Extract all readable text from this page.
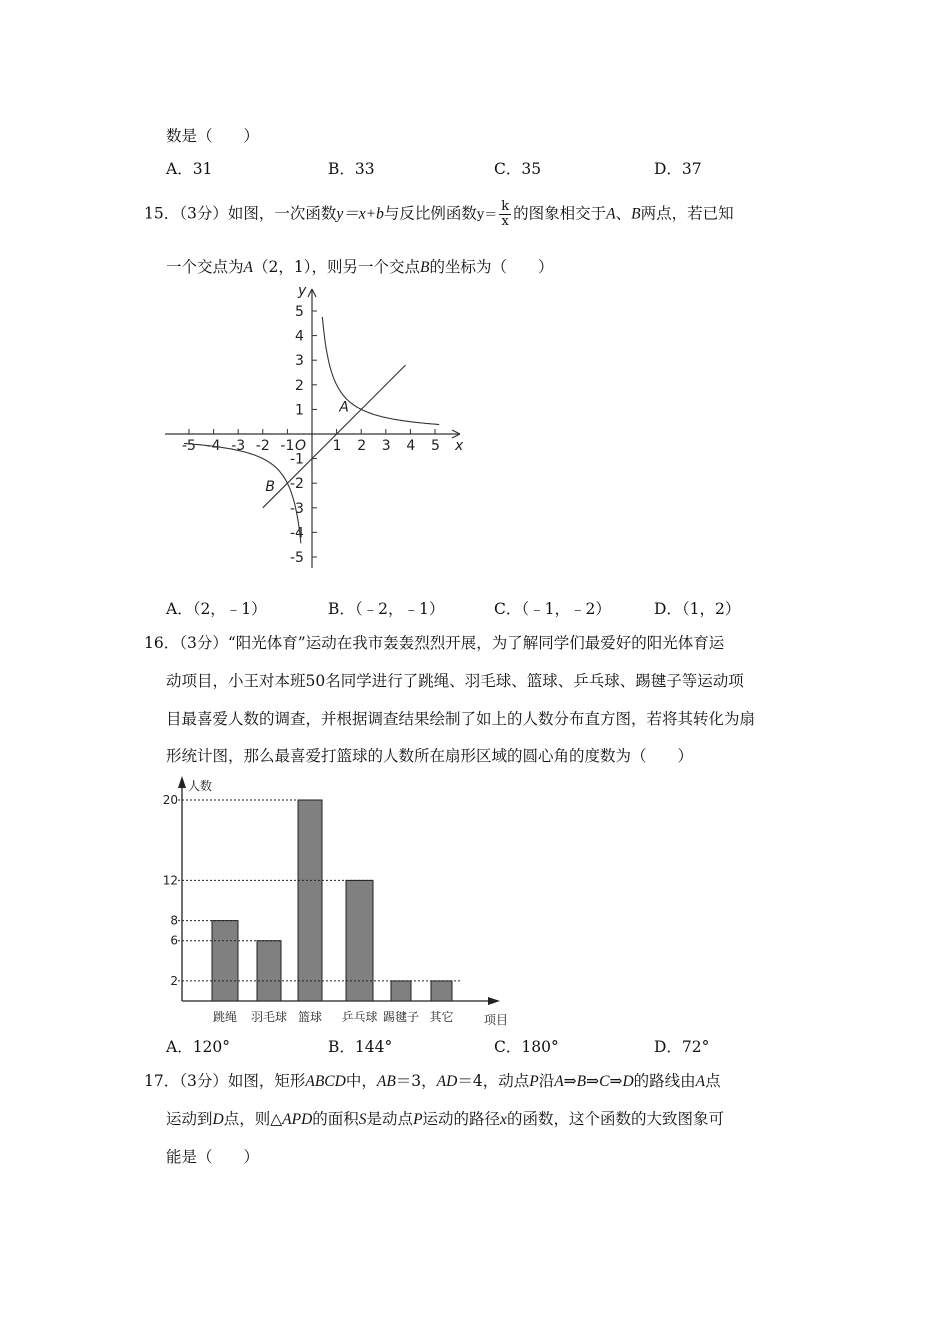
数是（　　）
A．31	B．33	C．35	D．37
15．（3分）如图，一次函数y＝x+b与反比例函数$y= \frac{k}{x}$ 的图象相交于A、B两点，若已知
一个交点为A（2，1），则另一个交点B的坐标为（　　）
x
y
O
-5 -4 -3 -2 -1	1 2 3 4 5
5
4
3
2
1
-1
-2
-3
-4
-5
A
B
A．（2，﹣1）	B．（﹣2，﹣1）	C．（﹣1，﹣2）	D．（1，2）
16．（3分）“阳光体育”运动在我市轰轰烈烈开展，为了解同学们最爱好的阳光体育运
动项目，小王对本班50名同学进行了跳绳、羽毛球、篮球、乒乓球、踢毽子等运动项
目最喜爱人数的调查，并根据调查结果绘制了如上的人数分布直方图，若将其转化为扇
形统计图，那么最喜爱打篮球的人数所在扇形区域的圆心角的度数为（　　）
人数
项目
跳绳 羽毛球 篮球 乒乓球 踢毽子 其它
20
12
8
6
2
A．120°	B．144°	C．180°	D．72°
17．（3分）如图，矩形ABCD中，AB＝3，AD＝4，动点P沿A⇒B⇒C⇒D的路线由A点
运动到D点，则△APD的面积S是动点P运动的路径x的函数，这个函数的大致图象可
能是（　　）
